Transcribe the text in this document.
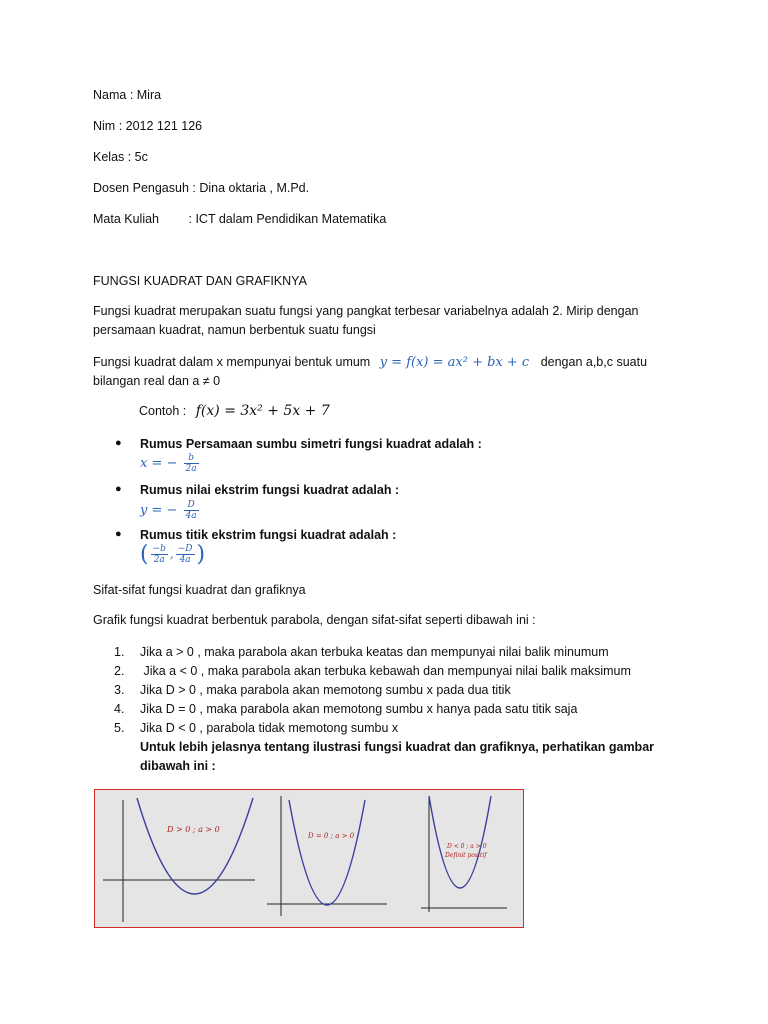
Nama : Mira
Nim : 2012 121 126
Kelas : 5c
Dosen Pengasuh : Dina oktaria , M.Pd.
Mata Kuliah : ICT dalam Pendidikan Matematika
FUNGSI KUADRAT DAN GRAFIKNYA
Fungsi kuadrat merupakan suatu fungsi yang pangkat terbesar variabelnya adalah 2. Mirip dengan
persamaan kuadrat, namun berbentuk suatu fungsi
Fungsi kuadrat dalam x mempunyai bentuk umum y = f(x) = ax² + bx + c dengan a,b,c suatu
bilangan real dan a ≠ 0
Contoh : f(x) = 3x² + 5x + 7
● Rumus Persamaan sumbu simetri fungsi kuadrat adalah :
x = − $\frac{b}{2a}$
● Rumus nilai ekstrim fungsi kuadrat adalah :
y = − $\frac{D}{4a}$
● Rumus titik ekstrim fungsi kuadrat adalah :
( $\frac{-b}{2a}$ , $\frac{-D}{4a}$ )
Sifat-sifat fungsi kuadrat dan grafiknya
Grafik fungsi kuadrat berbentuk parabola, dengan sifat-sifat seperti dibawah ini :
1. Jika a > 0 , maka parabola akan terbuka keatas dan mempunyai nilai balik minumum
2. Jika a < 0 , maka parabola akan terbuka kebawah dan mempunyai nilai balik maksimum
3. Jika D > 0 , maka parabola akan memotong sumbu x pada dua titik
4. Jika D = 0 , maka parabola akan memotong sumbu x hanya pada satu titik saja
5. Jika D < 0 , parabola tidak memotong sumbu x
Untuk lebih jelasnya tentang ilustrasi fungsi kuadrat dan grafiknya, perhatikan gambar
dibawah ini :
D > 0 ; a > 0
D = 0 ; a > 0
D < 0 ; a > 0
Definit positif
